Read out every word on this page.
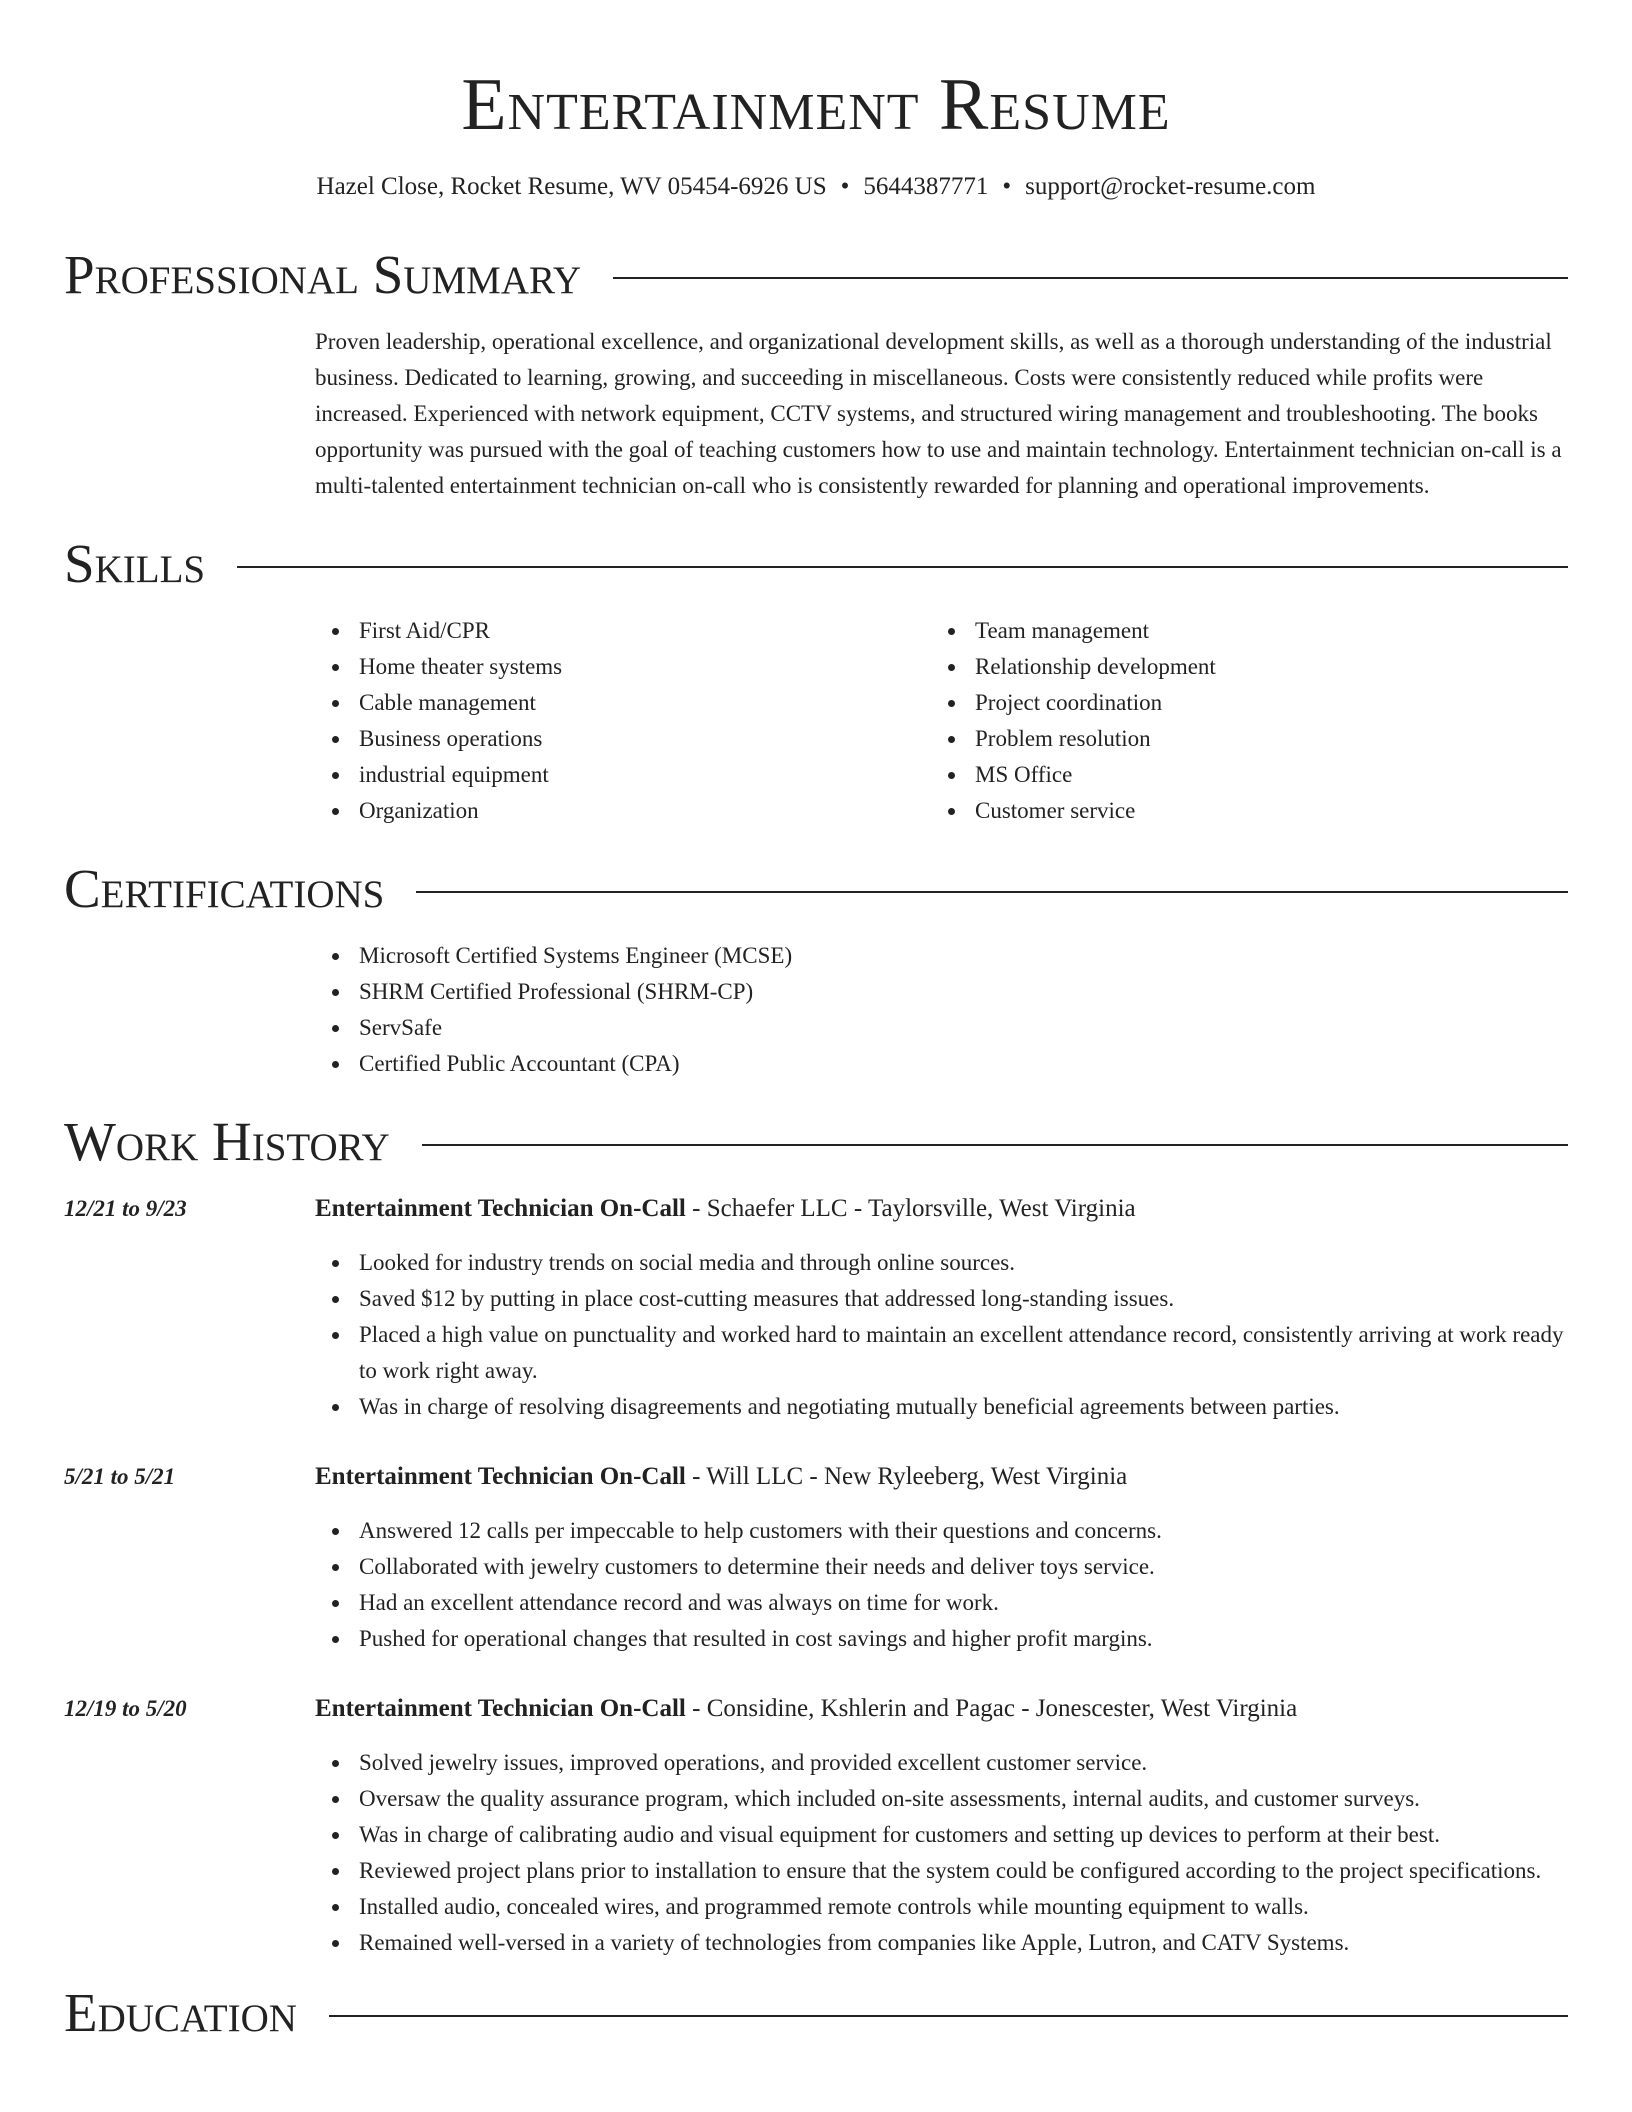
Entertainment Resume
Hazel Close, Rocket Resume, WV 05454-6926 US • 5644387771 • support@rocket-resume.com
Professional Summary

Proven leadership, operational excellence, and organizational development skills, as well as a thorough understanding of the industrial business. Dedicated to learning, growing, and succeeding in miscellaneous. Costs were consistently reduced while profits were increased. Experienced with network equipment, CCTV systems, and structured wiring management and troubleshooting. The books opportunity was pursued with the goal of teaching customers how to use and maintain technology. Entertainment technician on-call is a multi-talented entertainment technician on-call who is consistently rewarded for planning and operational improvements.

Skills
First Aid/CPR
Home theater systems
Cable management
Business operations
industrial equipment
Organization
Team management
Relationship development
Project coordination
Problem resolution
MS Office
Customer service
Certifications
Microsoft Certified Systems Engineer (MCSE)
SHRM Certified Professional (SHRM-CP)
ServSafe
Certified Public Accountant (CPA)
Work History
12/21 to 9/23	Entertainment Technician On-Call - Schaefer LLC - Taylorsville, West Virginia
Looked for industry trends on social media and through online sources.
Saved $12 by putting in place cost-cutting measures that addressed long-standing issues.
Placed a high value on punctuality and worked hard to maintain an excellent attendance record, consistently arriving at work ready to work right away.
Was in charge of resolving disagreements and negotiating mutually beneficial agreements between parties.
5/21 to 5/21	Entertainment Technician On-Call - Will LLC - New Ryleeberg, West Virginia
Answered 12 calls per impeccable to help customers with their questions and concerns.
Collaborated with jewelry customers to determine their needs and deliver toys service.
Had an excellent attendance record and was always on time for work.
Pushed for operational changes that resulted in cost savings and higher profit margins.
12/19 to 5/20	Entertainment Technician On-Call - Considine, Kshlerin and Pagac - Jonescester, West Virginia
Solved jewelry issues, improved operations, and provided excellent customer service.
Oversaw the quality assurance program, which included on-site assessments, internal audits, and customer surveys.
Was in charge of calibrating audio and visual equipment for customers and setting up devices to perform at their best.
Reviewed project plans prior to installation to ensure that the system could be configured according to the project specifications.
Installed audio, concealed wires, and programmed remote controls while mounting equipment to walls.
Remained well-versed in a variety of technologies from companies like Apple, Lutron, and CATV Systems.
Education
